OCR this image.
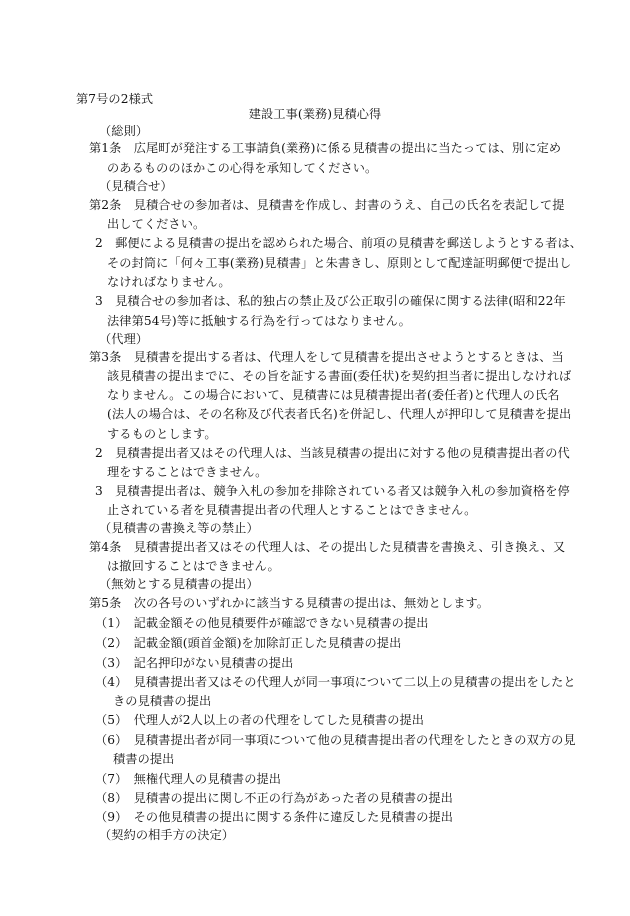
第7号の2様式
建設工事(業務)見積心得
（総則）
第1条　広尾町が発注する工事請負(業務)に係る見積書の提出に当たっては、別に定め
のあるもののほかこの心得を承知してください。
（見積合せ）
第2条　見積合せの参加者は、見積書を作成し、封書のうえ、自己の氏名を表記して提
出してください。
2　郵便による見積書の提出を認められた場合、前項の見積書を郵送しようとする者は、
その封筒に「何々工事(業務)見積書」と朱書きし、原則として配達証明郵便で提出し
なければなりません。
3　見積合せの参加者は、私的独占の禁止及び公正取引の確保に関する法律(昭和22年
法律第54号)等に抵触する行為を行ってはなりません。
（代理）
第3条　見積書を提出する者は、代理人をして見積書を提出させようとするときは、当
該見積書の提出までに、その旨を証する書面(委任状)を契約担当者に提出しなければ
なりません。この場合において、見積書には見積書提出者(委任者)と代理人の氏名
(法人の場合は、その名称及び代表者氏名)を併記し、代理人が押印して見積書を提出
するものとします。
2　見積書提出者又はその代理人は、当該見積書の提出に対する他の見積書提出者の代
理をすることはできません。
3　見積書提出者は、競争入札の参加を排除されている者又は競争入札の参加資格を停
止されている者を見積書提出者の代理人とすることはできません。
（見積書の書換え等の禁止）
第4条　見積書提出者又はその代理人は、その提出した見積書を書換え、引き換え、又
は撤回することはできません。
（無効とする見積書の提出）
第5条　次の各号のいずれかに該当する見積書の提出は、無効とします。
（1）　記載金額その他見積要件が確認できない見積書の提出
（2）　記載金額(頭首金額)を加除訂正した見積書の提出
（3）　記名押印がない見積書の提出
（4）　見積書提出者又はその代理人が同一事項について二以上の見積書の提出をしたと
きの見積書の提出
（5）　代理人が2人以上の者の代理をしてした見積書の提出
（6）　見積書提出者が同一事項について他の見積書提出者の代理をしたときの双方の見
積書の提出
（7）　無権代理人の見積書の提出
（8）　見積書の提出に関し不正の行為があった者の見積書の提出
（9）　その他見積書の提出に関する条件に違反した見積書の提出
（契約の相手方の決定）
